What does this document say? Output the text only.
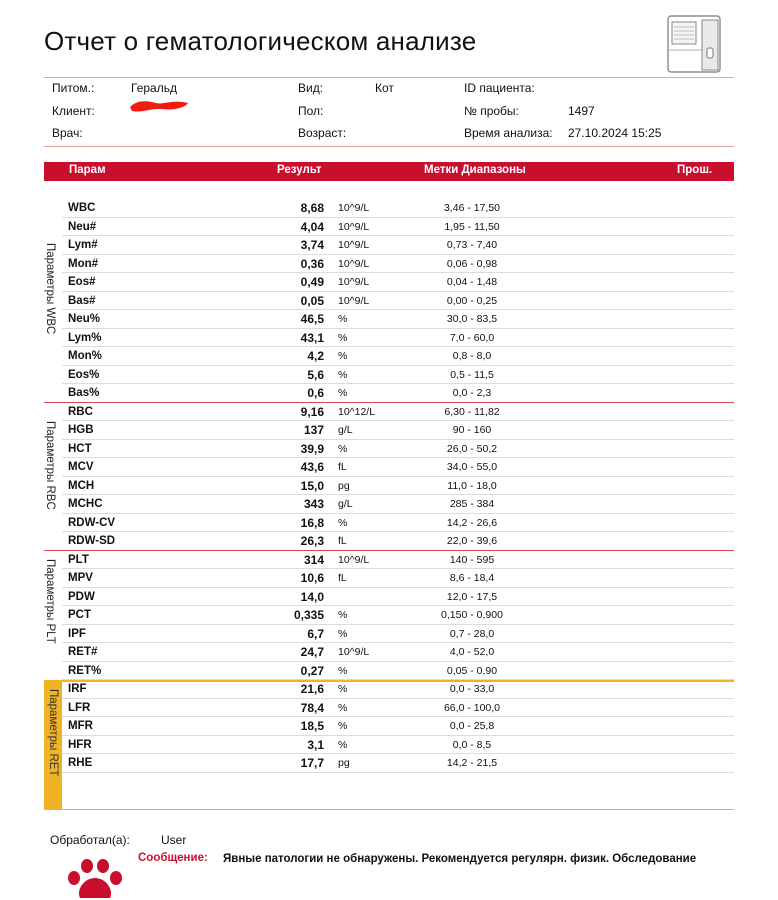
Отчет о гематологическом анализе
Питом.:	Геральд
Клиент:
Врач:
Вид:	Кот
Пол:
Возраст:
ID пациента:
№ пробы:	1497
Время анализа: 27.10.2024 15:25
Парам	Результ	Метки Диапазоны	Прош.
WBC	8,68 10^9/L	3,46 - 17,50
Neu#	4,04 10^9/L	1,95 - 11,50
Lym#	3,74 10^9/L	0,73 - 7,40
Mon#	0,36 10^9/L	0,06 - 0,98
Eos#	0,49 10^9/L	0,04 - 1,48
Bas#	0,05 10^9/L	0,00 - 0,25
Neu%	46,5 %	30,0 - 83,5
Lym%	43,1 %	7,0 - 60,0
Mon%	4,2 %	0,8 - 8,0
Eos%	5,6 %	0,5 - 11,5
Bas%	0,6 %	0,0 - 2,3
RBC	9,16 10^12/L	6,30 - 11,82
HGB	137 g/L	90 - 160
HCT	39,9 %	26,0 - 50,2
MCV	43,6 fL	34,0 - 55,0
MCH	15,0 pg	11,0 - 18,0
MCHC	343 g/L	285 - 384
RDW-CV	16,8 %	14,2 - 26,6
RDW-SD	26,3 fL	22,0 - 39,6
PLT	314 10^9/L	140 - 595
MPV	10,6 fL	8,6 - 18,4
PDW	14,0	12,0 - 17,5
PCT	0,335 %	0,150 - 0,900
IPF	6,7 %	0,7 - 28,0
RET#	24,7 10^9/L	4,0 - 52,0
RET%	0,27 %	0,05 - 0,90
IRF	21,6 %	0,0 - 33,0
LFR	78,4 %	66,0 - 100,0
MFR	18,5 %	0,0 - 25,8
HFR	3,1 %	0,0 - 8,5
RHE	17,7 pg	14,2 - 21,5
Параметры WBC
Параметры RBC
Параметры PLT
Параметры RET
Обработал(а):	User
Сообщение: Явные патологии не обнаружены. Рекомендуется регулярн. физик. Обследование
